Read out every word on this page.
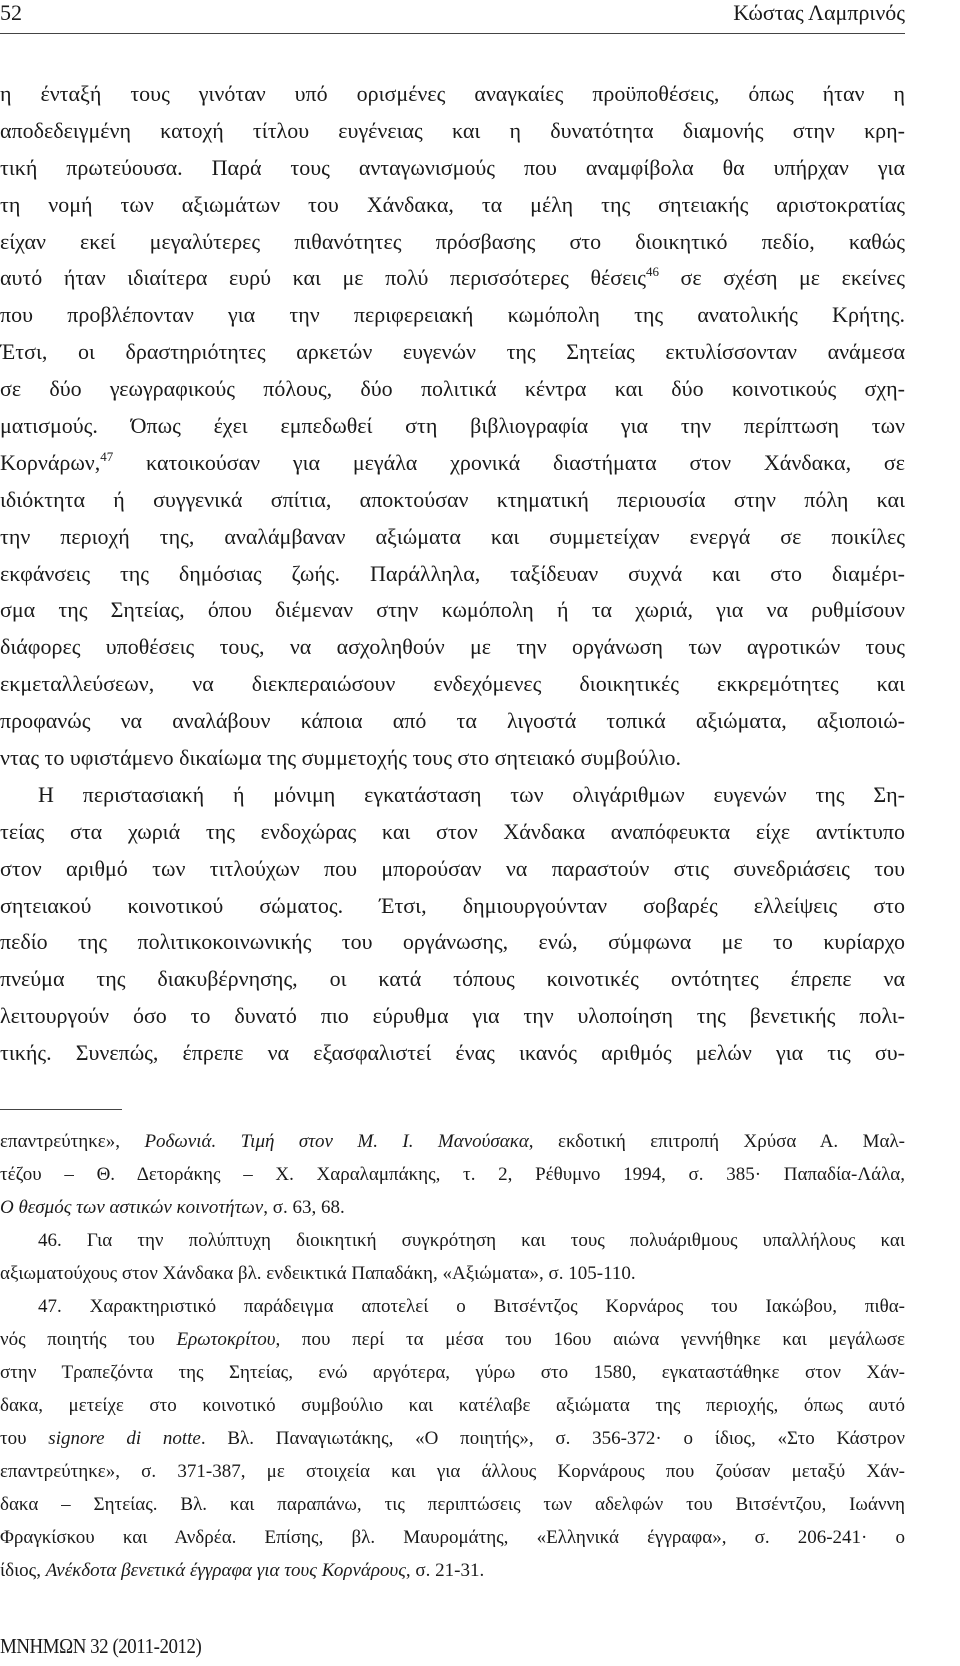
52	Κώστας Λαμπρινός
η ένταξή τους γινόταν υπό ορισμένες αναγκαίες προϋποθέσεις, όπως ήταν η
αποδεδειγμένη κατοχή τίτλου ευγένειας και η δυνατότητα διαμονής στην κρη-
τική πρωτεύουσα. Παρά τους ανταγωνισμούς που αναμφίβολα θα υπήρχαν για
τη νομή των αξιωμάτων του Χάνδακα, τα μέλη της σητειακής αριστοκρατίας
είχαν εκεί μεγαλύτερες πιθανότητες πρόσβασης στο διοικητικό πεδίο, καθώς
αυτό ήταν ιδιαίτερα ευρύ και με πολύ περισσότερες θέσεις$^{46}$ σε σχέση με εκείνες
που προβλέπονταν για την περιφερειακή κωμόπολη της ανατολικής Κρήτης.
Έτσι, οι δραστηριότητες αρκετών ευγενών της Σητείας εκτυλίσσονταν ανάμεσα
σε δύο γεωγραφικούς πόλους, δύο πολιτικά κέντρα και δύο κοινοτικούς σχη-
ματισμούς. Όπως έχει εμπεδωθεί στη βιβλιογραφία για την περίπτωση των
Κορνάρων,$^{47}$ κατοικούσαν για μεγάλα χρονικά διαστήματα στον Χάνδακα, σε
ιδιόκτητα ή συγγενικά σπίτια, αποκτούσαν κτηματική περιουσία στην πόλη και
την περιοχή της, αναλάμβαναν αξιώματα και συμμετείχαν ενεργά σε ποικίλες
εκφάνσεις της δημόσιας ζωής. Παράλληλα, ταξίδευαν συχνά και στο διαμέρι-
σμα της Σητείας, όπου διέμεναν στην κωμόπολη ή τα χωριά, για να ρυθμίσουν
διάφορες υποθέσεις τους, να ασχοληθούν με την οργάνωση των αγροτικών τους
εκμεταλλεύσεων, να διεκπεραιώσουν ενδεχόμενες διοικητικές εκκρεμότητες και
προφανώς να αναλάβουν κάποια από τα λιγοστά τοπικά αξιώματα, αξιοποιώ-
ντας το υφιστάμενο δικαίωμα της συμμετοχής τους στο σητειακό συμβούλιο.
Η περιστασιακή ή μόνιμη εγκατάσταση των ολιγάριθμων ευγενών της Ση-
τείας στα χωριά της ενδοχώρας και στον Χάνδακα αναπόφευκτα είχε αντίκτυπο
στον αριθμό των τιτλούχων που μπορούσαν να παραστούν στις συνεδριάσεις του
σητειακού κοινοτικού σώματος. Έτσι, δημιουργούνταν σοβαρές ελλείψεις στο
πεδίο της πολιτικοκοινωνικής του οργάνωσης, ενώ, σύμφωνα με το κυρίαρχο
πνεύμα της διακυβέρνησης, οι κατά τόπους κοινοτικές οντότητες έπρεπε να
λειτουργούν όσο το δυνατό πιο εύρυθμα για την υλοποίηση της βενετικής πολι-
τικής. Συνεπώς, έπρεπε να εξασφαλιστεί ένας ικανός αριθμός μελών για τις συ-
επαντρεύτηκε», Ροδωνιά. Τιμή στον Μ. Ι. Μανούσακα, εκδοτική επιτροπή Χρύσα Α. Μαλ-
τέζου – Θ. Δετοράκης – Χ. Χαραλαμπάκης, τ. 2, Ρέθυμνο 1994, σ. 385· Παπαδία-Λάλα,
Ο θεσμός των αστικών κοινοτήτων, σ. 63, 68.
46. Για την πολύπτυχη διοικητική συγκρότηση και τους πολυάριθμους υπαλλήλους και
αξιωματούχους στον Χάνδακα βλ. ενδεικτικά Παπαδάκη, «Αξιώματα», σ. 105-110.
47. Χαρακτηριστικό παράδειγμα αποτελεί ο Βιτσέντζος Κορνάρος του Ιακώβου, πιθα-
νός ποιητής του Ερωτοκρίτου, που περί τα μέσα του 16ου αιώνα γεννήθηκε και μεγάλωσε
στην Τραπεζόντα της Σητείας, ενώ αργότερα, γύρω στο 1580, εγκαταστάθηκε στον Χάν-
δακα, μετείχε στο κοινοτικό συμβούλιο και κατέλαβε αξιώματα της περιοχής, όπως αυτό
του signore di notte. Βλ. Παναγιωτάκης, «Ο ποιητής», σ. 356-372· ο ίδιος, «Στο Κάστρον
επαντρεύτηκε», σ. 371-387, με στοιχεία και για άλλους Κορνάρους που ζούσαν μεταξύ Χάν-
δακα – Σητείας. Βλ. και παραπάνω, τις περιπτώσεις των αδελφών του Βιτσέντζου, Ιωάννη
Φραγκίσκου και Ανδρέα. Επίσης, βλ. Μαυρομάτης, «Ελληνικά έγγραφα», σ. 206-241· ο
ίδιος, Ανέκδοτα βενετικά έγγραφα για τους Κορνάρους, σ. 21-31.
ΜΝΗΜΩΝ 32 (2011-2012)
